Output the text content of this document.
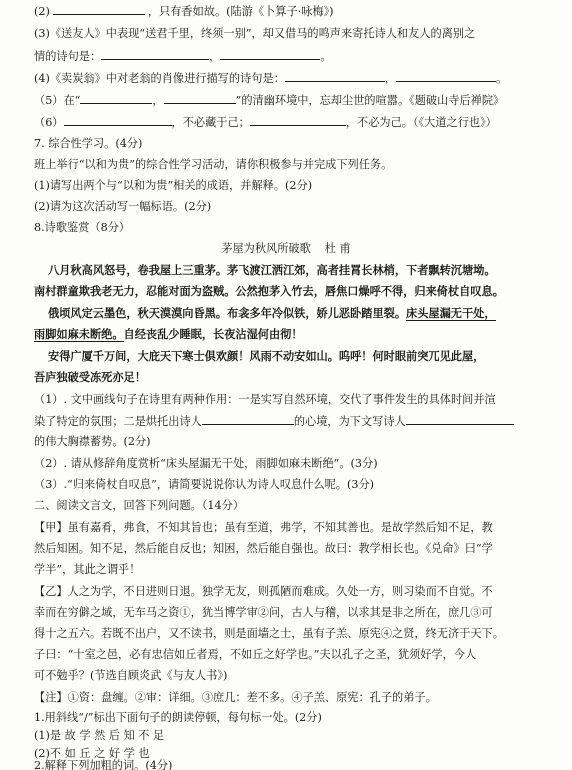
(2)	，只有香如故。(陆游《卜算子·咏梅》)
(3)《送友人》中表现“送君千里，终须一别”，却又借马的鸣声来寄托诗人和友人的离别之
情的诗句是：	，	。
(4)《卖炭翁》中对老翁的肖像进行描写的诗句是：	，	。
（5）在“	，	”的清幽环境中，忘却尘世的喧嚣。《题破山寺后禅院》
（6）	，不必藏于己；	，不必为己。（《大道之行也》）
7. 综合性学习。(4分)
班上举行“以和为贵”的综合性学习活动，请你积极参与并完成下列任务。
(1)请写出两个与“以和为贵”相关的成语，并解释。(2分)
(2)请为这次活动写一幅标语。(2分)
8.诗歌鉴赏（8分）
茅屋为秋风所破歌 杜 甫
八月秋高风怒号，卷我屋上三重茅。茅飞渡江洒江郊，高者挂罥长林梢，下者飘转沉塘坳。
南村群童欺我老无力，忍能对面为盗贼。公然抱茅入竹去，唇焦口燥呼不得，归来倚杖自叹息。
俄顷风定云墨色，秋天漠漠向昏黑。布衾多年冷似铁，娇儿恶卧踏里裂。床头屋漏无干处，
雨脚如麻未断绝。自经丧乱少睡眠，长夜沾湿何由彻！
安得广厦千万间，大庇天下寒士俱欢颜！风雨不动安如山。呜呼！何时眼前突兀见此屋，
吾庐独破受冻死亦足！
（1）. 文中画线句子在诗里有两种作用：一是实写自然环境，交代了事件发生的具体时间并渲
染了特定的氛围；二是烘托出诗人	的心境，为下文写诗人
的伟大胸襟蓄势。(2分)
（2）. 请从修辞角度赏析“床头屋漏无干处，雨脚如麻未断绝”。(3分)
（3）.“归来倚杖自叹息”，请简要说说你认为诗人叹息什么呢。(3分)
二、阅读文言文，回答下列问题。（14分）
【甲】虽有嘉肴，弗食，不知其旨也；虽有至道，弗学，不知其善也。是故学然后知不足，教
然后知困。知不足，然后能自反也；知困，然后能自强也。故曰：教学相长也。《兑命》曰“学
学半”，其此之谓乎！
【乙】人之为学，不日进则日退。独学无友，则孤陋而难成。久处一方，则习染而不自觉。不
幸而在穷僻之域，无车马之资①，犹当博学审②问，古人与稽，以求其是非之所在，庶几③可
得十之五六。若既不出户，又不读书，则是面墙之士，虽有子羔、原宪④之贤，终无济于天下。
子曰：“十室之邑，必有忠信如丘者焉，不如丘之好学也。”夫以孔子之圣，犹须好学，今人
可不勉乎？(节选自顾炎武《与友人书》)
【注】①资：盘缠。②审：详细。③庶几：差不多。④子羔、原宪：孔子的弟子。
1.用斜线“/”标出下面句子的朗读停顿，每句标一处。(2分)
(1)是 故 学 然 后 知 不 足
(2)不 如 丘 之 好 学 也
2.解释下列加粗的词。(4分)
